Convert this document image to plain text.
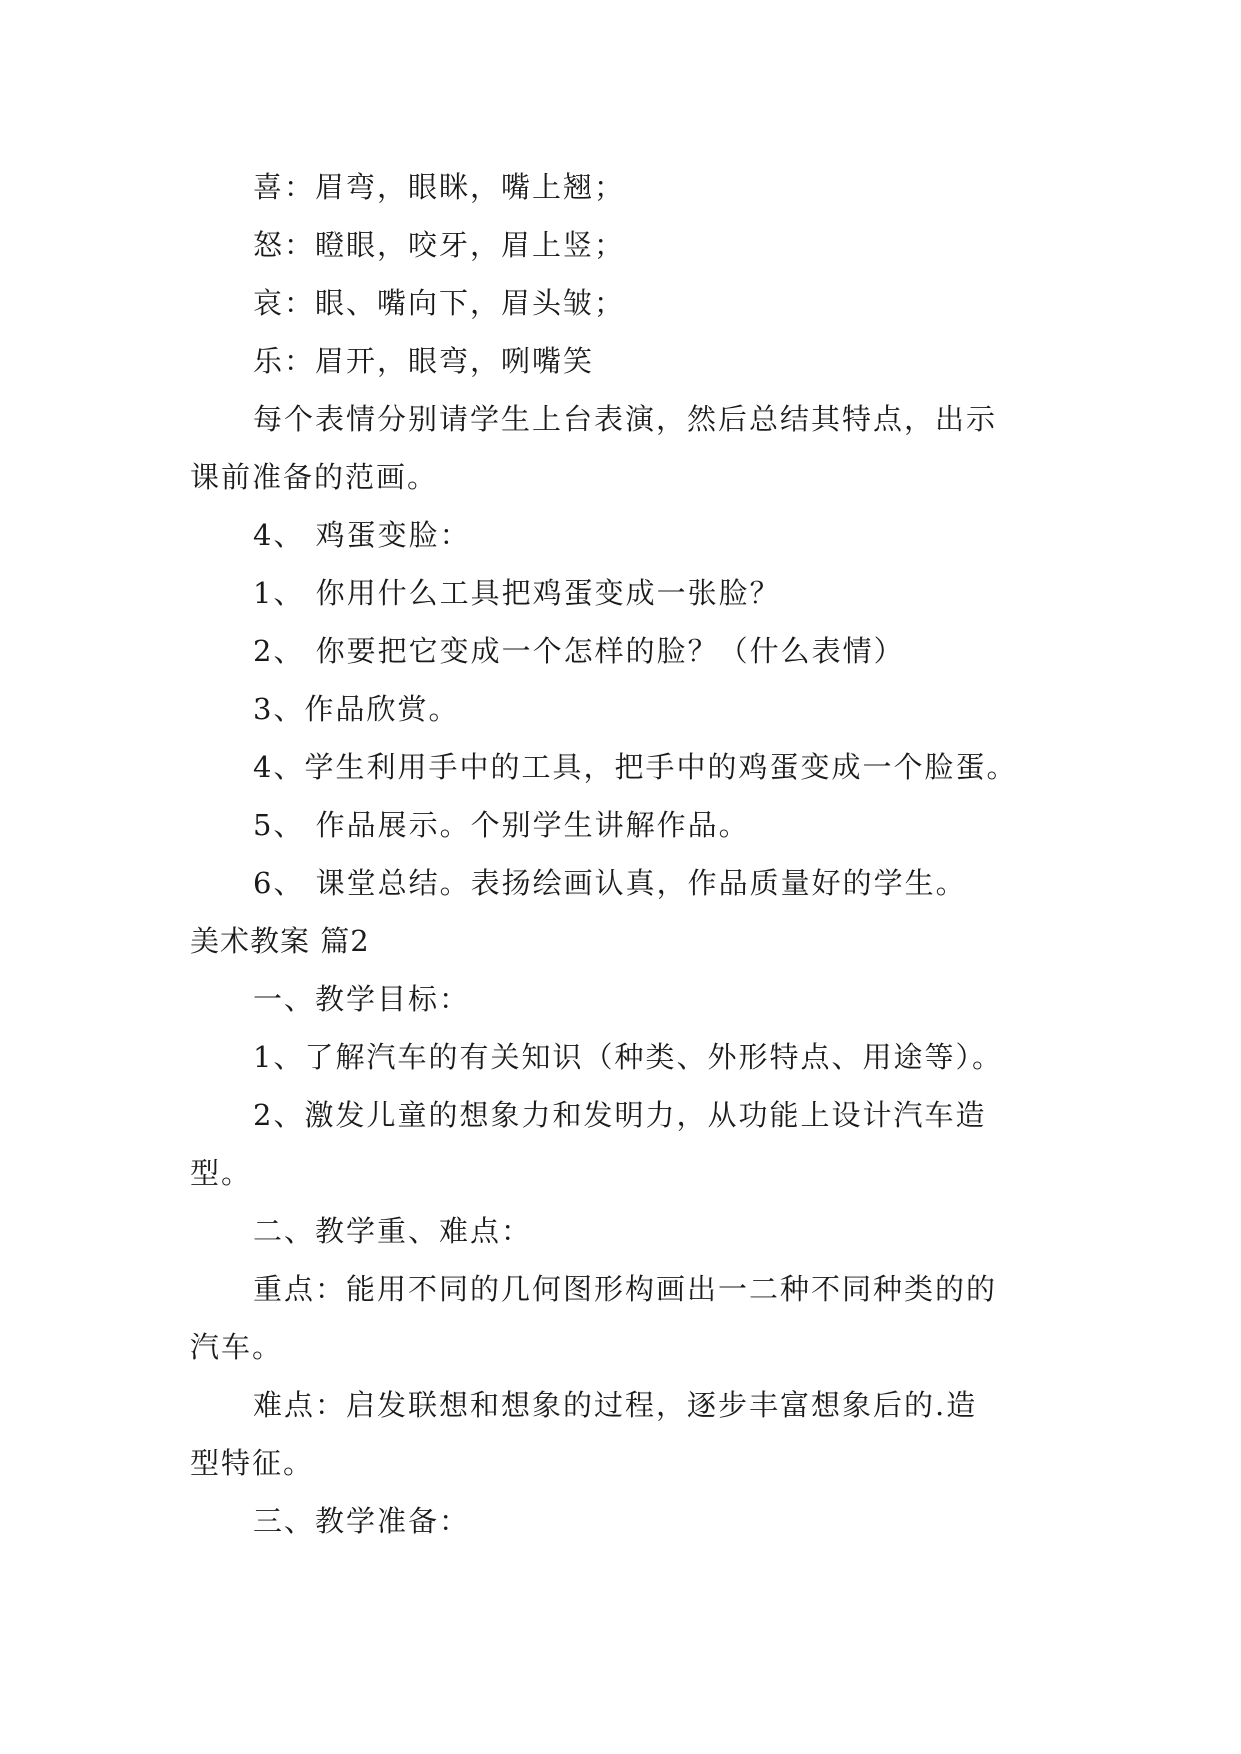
喜：眉弯，眼眯，嘴上翘；
怒：瞪眼，咬牙，眉上竖；
哀：眼、嘴向下，眉头皱；
乐：眉开，眼弯，咧嘴笑
每个表情分别请学生上台表演，然后总结其特点，出示
课前准备的范画。
4、 鸡蛋变脸：
1、 你用什么工具把鸡蛋变成一张脸？
2、 你要把它变成一个怎样的脸？（什么表情）
3、作品欣赏。
4、学生利用手中的工具，把手中的鸡蛋变成一个脸蛋。
5、 作品展示。个别学生讲解作品。
6、 课堂总结。表扬绘画认真，作品质量好的学生。
美术教案 篇2
一、教学目标：
1、了解汽车的有关知识（种类、外形特点、用途等）。
2、激发儿童的想象力和发明力，从功能上设计汽车造
型。
二、教学重、难点：
重点：能用不同的几何图形构画出一二种不同种类的的
汽车。
难点：启发联想和想象的过程，逐步丰富想象后的.造
型特征。
三、教学准备：
